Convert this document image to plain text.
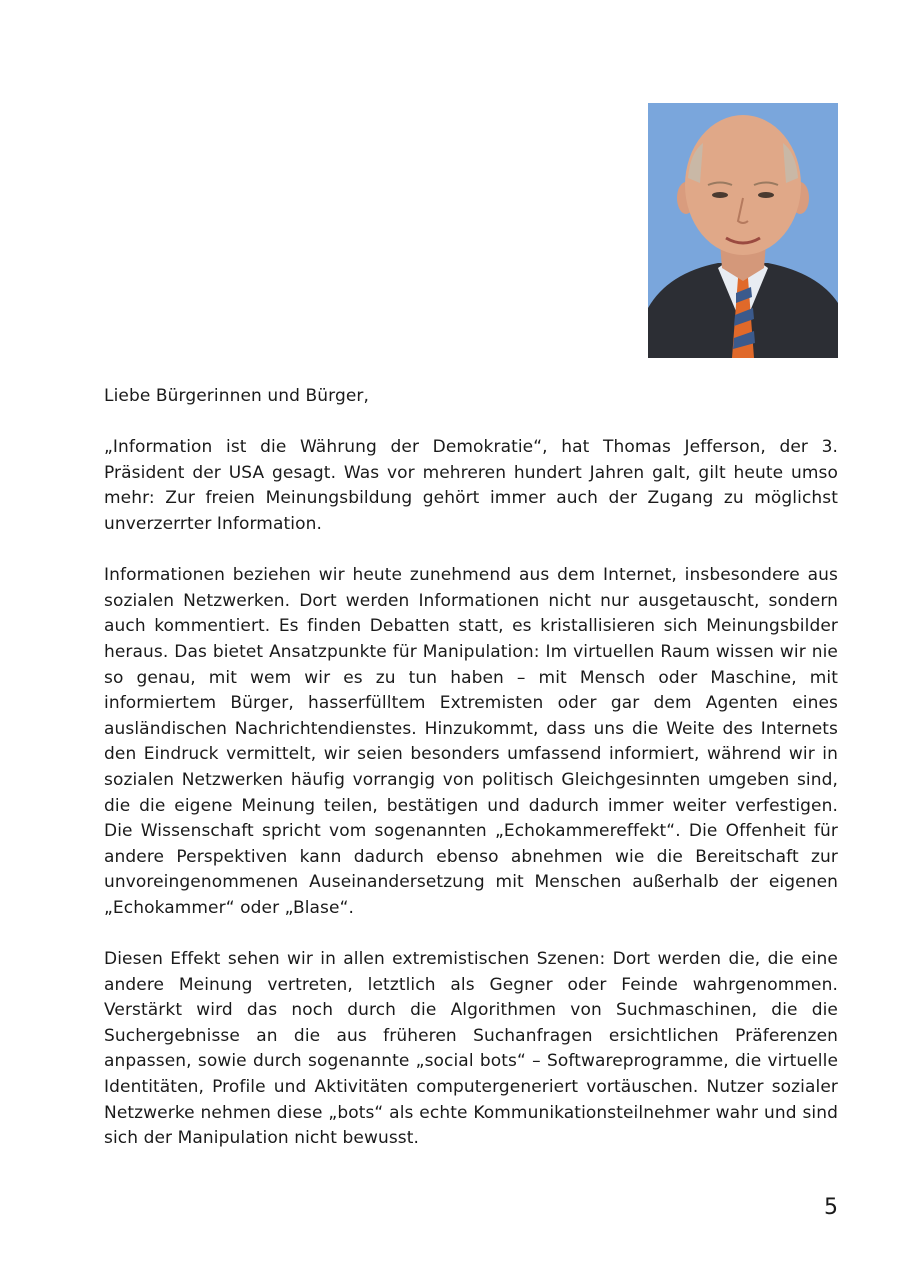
Liebe Bürgerinnen und Bürger,

„Information ist die Währung der Demokratie“, hat Thomas Jefferson, der 3. Präsident der USA gesagt. Was vor mehreren hundert Jahren galt, gilt heute umso mehr: Zur freien Meinungsbildung gehört immer auch der Zugang zu möglichst unverzerrter Information.

Informationen beziehen wir heute zunehmend aus dem Internet, insbesondere aus sozialen Netzwerken. Dort werden Informationen nicht nur ausgetauscht, sondern auch kommentiert. Es finden Debatten statt, es kristallisieren sich Meinungsbilder heraus. Das bietet Ansatzpunkte für Manipulation: Im virtuellen Raum wissen wir nie so genau, mit wem wir es zu tun haben – mit Mensch oder Maschine, mit informiertem Bürger, hasserfülltem Extremisten oder gar dem Agenten eines ausländischen Nachrichtendienstes. Hinzukommt, dass uns die Weite des Internets den Eindruck vermittelt, wir seien besonders umfassend informiert, während wir in sozialen Netzwerken häufig vorrangig von politisch Gleichgesinnten umgeben sind, die die eigene Meinung teilen, bestätigen und dadurch immer weiter verfestigen. Die Wissenschaft spricht vom sogenannten „Echokammereffekt“. Die Offenheit für andere Perspektiven kann dadurch ebenso abnehmen wie die Bereitschaft zur unvoreingenommenen Auseinandersetzung mit Menschen außerhalb der eigenen „Echokammer“ oder „Blase“.

Diesen Effekt sehen wir in allen extremistischen Szenen: Dort werden die, die eine andere Meinung vertreten, letztlich als Gegner oder Feinde wahrgenommen. Verstärkt wird das noch durch die Algorithmen von Suchmaschinen, die die Suchergebnisse an die aus früheren Suchanfragen ersichtlichen Präferenzen anpassen, sowie durch sogenannte „social bots“ – Softwareprogramme, die virtuelle Identitäten, Profile und Aktivitäten computergeneriert vortäuschen. Nutzer sozialer Netzwerke nehmen diese „bots“ als echte Kommunikationsteilnehmer wahr und sind sich der Manipulation nicht bewusst.

5
